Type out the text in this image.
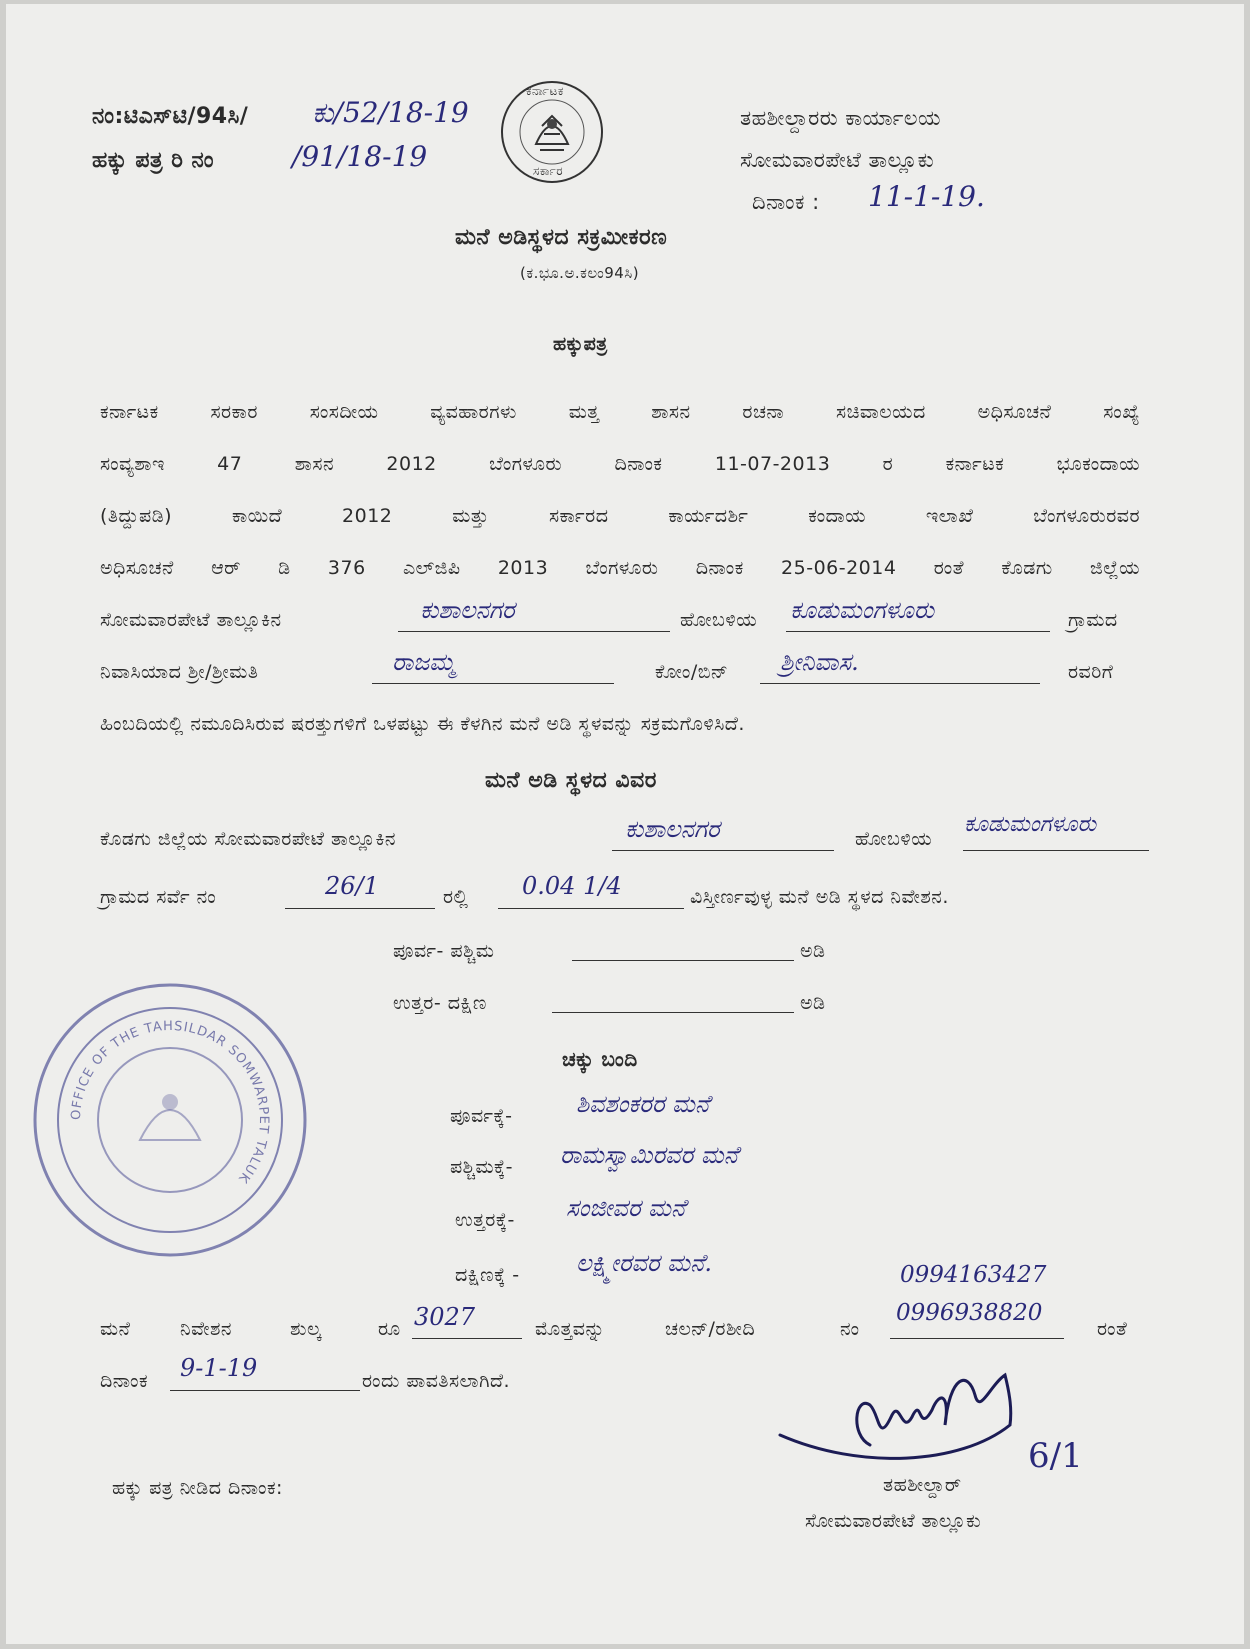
ನಂ:ಟಿಎಸ್‌ಟಿ/94ಸಿ/ ಕು/52/18-19
ಹಕ್ಕು ಪತ್ರ ರಿ ನಂ	/91/18-19
ಕರ್ನಾಟಕ
ಸರ್ಕಾರ
ತಹಶೀಲ್ದಾರರು ಕಾರ್ಯಾಲಯ
ಸೋಮವಾರಪೇಟೆ ತಾಲ್ಲೂಕು
ದಿನಾಂಕ : 11-1-19.
ಮನೆ ಅಡಿಸ್ಥಳದ ಸಕ್ರಮೀಕರಣ
(ಕ.ಭೂ.ಅ.ಕಲಂ94ಸಿ)
ಹಕ್ಕುಪತ್ರ
ಕರ್ನಾಟಕ	ಸರಕಾರ	ಸಂಸದೀಯ	ವ್ಯವಹಾರಗಳು	ಮತ್ತ	ಶಾಸನ	ರಚನಾ	ಸಚಿವಾಲಯದ	ಅಧಿಸೂಚನೆ	ಸಂಖ್ಯೆ
ಸಂವ್ಯಶಾಇ	47	ಶಾಸನ	2012	ಬೆಂಗಳೂರು	ದಿನಾಂಕ	11-07-2013	ರ	ಕರ್ನಾಟಕ	ಭೂಕಂದಾಯ
(ತಿದ್ದುಪಡಿ)	ಕಾಯಿದೆ	2012	ಮತ್ತು	ಸರ್ಕಾರದ	ಕಾರ್ಯದರ್ಶಿ	ಕಂದಾಯ	ಇಲಾಖೆ	ಬೆಂಗಳೂರುರವರ
ಅಧಿಸೂಚನೆ ಆರ್ ಡಿ 376 ಎಲ್‌ಜಿಪಿ 2013 ಬೆಂಗಳೂರು ದಿನಾಂಕ 25-06-2014 ರಂತೆ ಕೊಡಗು ಜಿಲ್ಲೆಯ
ಸೋಮವಾರಪೇಟೆ ತಾಲ್ಲೂಕಿನ	ಕುಶಾಲನಗರ	ಹೋಬಳಿಯ ಕೂಡುಮಂಗಳೂರು	ಗ್ರಾಮದ
ನಿವಾಸಿಯಾದ ಶ್ರೀ/ಶ್ರೀಮತಿ	ರಾಜಮ್ಮ	ಕೋಂ/ಬಿನ್ ಶ್ರೀನಿವಾಸ.	ರವರಿಗೆ
ಹಿಂಬದಿಯಲ್ಲಿ ನಮೂದಿಸಿರುವ ಷರತ್ತುಗಳಿಗೆ ಒಳಪಟ್ಟು ಈ ಕೆಳಗಿನ ಮನೆ ಅಡಿ ಸ್ಥಳವನ್ನು ಸಕ್ರಮಗೊಳಿಸಿದೆ.
ಮನೆ ಅಡಿ ಸ್ಥಳದ ವಿವರ
ಕೊಡಗು ಜಿಲ್ಲೆಯ ಸೋಮವಾರಪೇಟೆ ತಾಲ್ಲೂಕಿನ	ಕುಶಾಲನಗರ	ಹೋಬಳಿಯ
ಕೂಡುಮಂಗಳೂರು
ಗ್ರಾಮದ ಸರ್ವೆ ನಂ	26/1	ರಲ್ಲಿ 0.04 1/4	ವಿಸ್ತೀರ್ಣವುಳ್ಳ ಮನೆ ಅಡಿ ಸ್ಥಳದ ನಿವೇಶನ.
ಪೂರ್ವ- ಪಶ್ಚಿಮ	ಅಡಿ
ಉತ್ತರ- ದಕ್ಷಿಣ	ಅಡಿ
ಚಕ್ಕು ಬಂದಿ
ಪೂರ್ವಕ್ಕೆ-	ಶಿವಶಂಕರರ ಮನೆ
ಪಶ್ಚಿಮಕ್ಕೆ- ರಾಮಸ್ವಾಮಿರವರ ಮನೆ
ಉತ್ತರಕ್ಕೆ- ಸಂಜೀವರ ಮನೆ
ದಕ್ಷಿಣಕ್ಕೆ - ಲಕ್ಷ್ಮೀರವರ ಮನೆ.
ಮನೆ	ನಿವೇಶನ	ಶುಲ್ಕ	ರೂ 3027	ಮೊತ್ತವನ್ನು	ಚಲನ್/ರಶೀದಿ	ನಂ
0994163427
0996938820
ರಂತೆ
ದಿನಾಂಕ 9-1-19	ರಂದು ಪಾವತಿಸಲಾಗಿದೆ.
ಹಕ್ಕು ಪತ್ರ ನೀಡಿದ ದಿನಾಂಕ:	ತಹಶೀಲ್ದಾರ್
ಸೋಮವಾರಪೇಟೆ ತಾಲ್ಲೂಕು
6/1
OFFICE OF THE TAHSILDAR SOMWARPET TALUK
